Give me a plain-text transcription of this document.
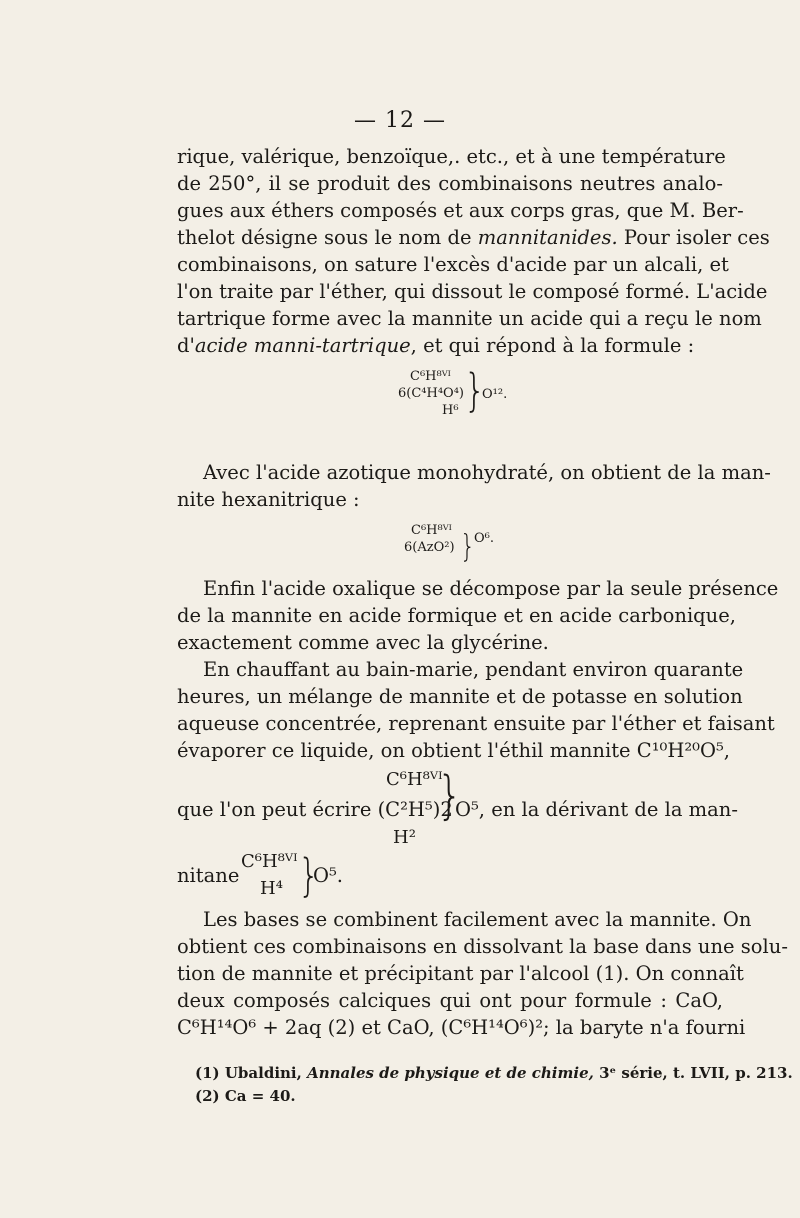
— 12 —
rique, valérique, benzoïque,. etc., et à une température
de 250°, il se produit des combinaisons neutres analo-
gues aux éthers composés et aux corps gras, que M. Ber-
thelot désigne sous le nom de mannitanides. Pour isoler ces
combinaisons, on sature l'excès d'acide par un alcali, et
l'on traite par l'éther, qui dissout le composé formé. L'acide
tartrique forme avec la mannite un acide qui a reçu le nom
d'acide manni-tartrique, et qui répond à la formule :
C⁶H⁸ⱽᴵ
6(C⁴H⁴O⁴)
H⁶ }
O¹².
Avec l'acide azotique monohydraté, on obtient de la man-
nite hexanitrique :
C⁶H⁸ⱽᴵ
6(AzO²) }
O⁶.
Enfin l'acide oxalique se décompose par la seule présence
de la mannite en acide formique et en acide carbonique,
exactement comme avec la glycérine.
En chauffant au bain-marie, pendant environ quarante
heures, un mélange de mannite et de potasse en solution
aqueuse concentrée, reprenant ensuite par l'éther et faisant
évaporer ce liquide, on obtient l'éthil mannite C¹⁰H²⁰O⁵,
C⁶H⁸ⱽᴵ
que l'on peut écrire (C²H⁵)2
}
O⁵, en la dérivant de la man-
H²
nitane
C⁶H⁸ⱽᴵ
H⁴ }
O⁵.
Les bases se combinent facilement avec la mannite. On
obtient ces combinaisons en dissolvant la base dans une solu-
tion de mannite et précipitant par l'alcool (1). On connaît
deux composés calciques qui ont pour formule : CaO,
C⁶H¹⁴O⁶ + 2aq (2) et CaO, (C⁶H¹⁴O⁶)²; la baryte n'a fourni
(1) Ubaldini, Annales de physique et de chimie, 3ᵉ série, t. LVII, p. 213.
(2) Ca = 40.
